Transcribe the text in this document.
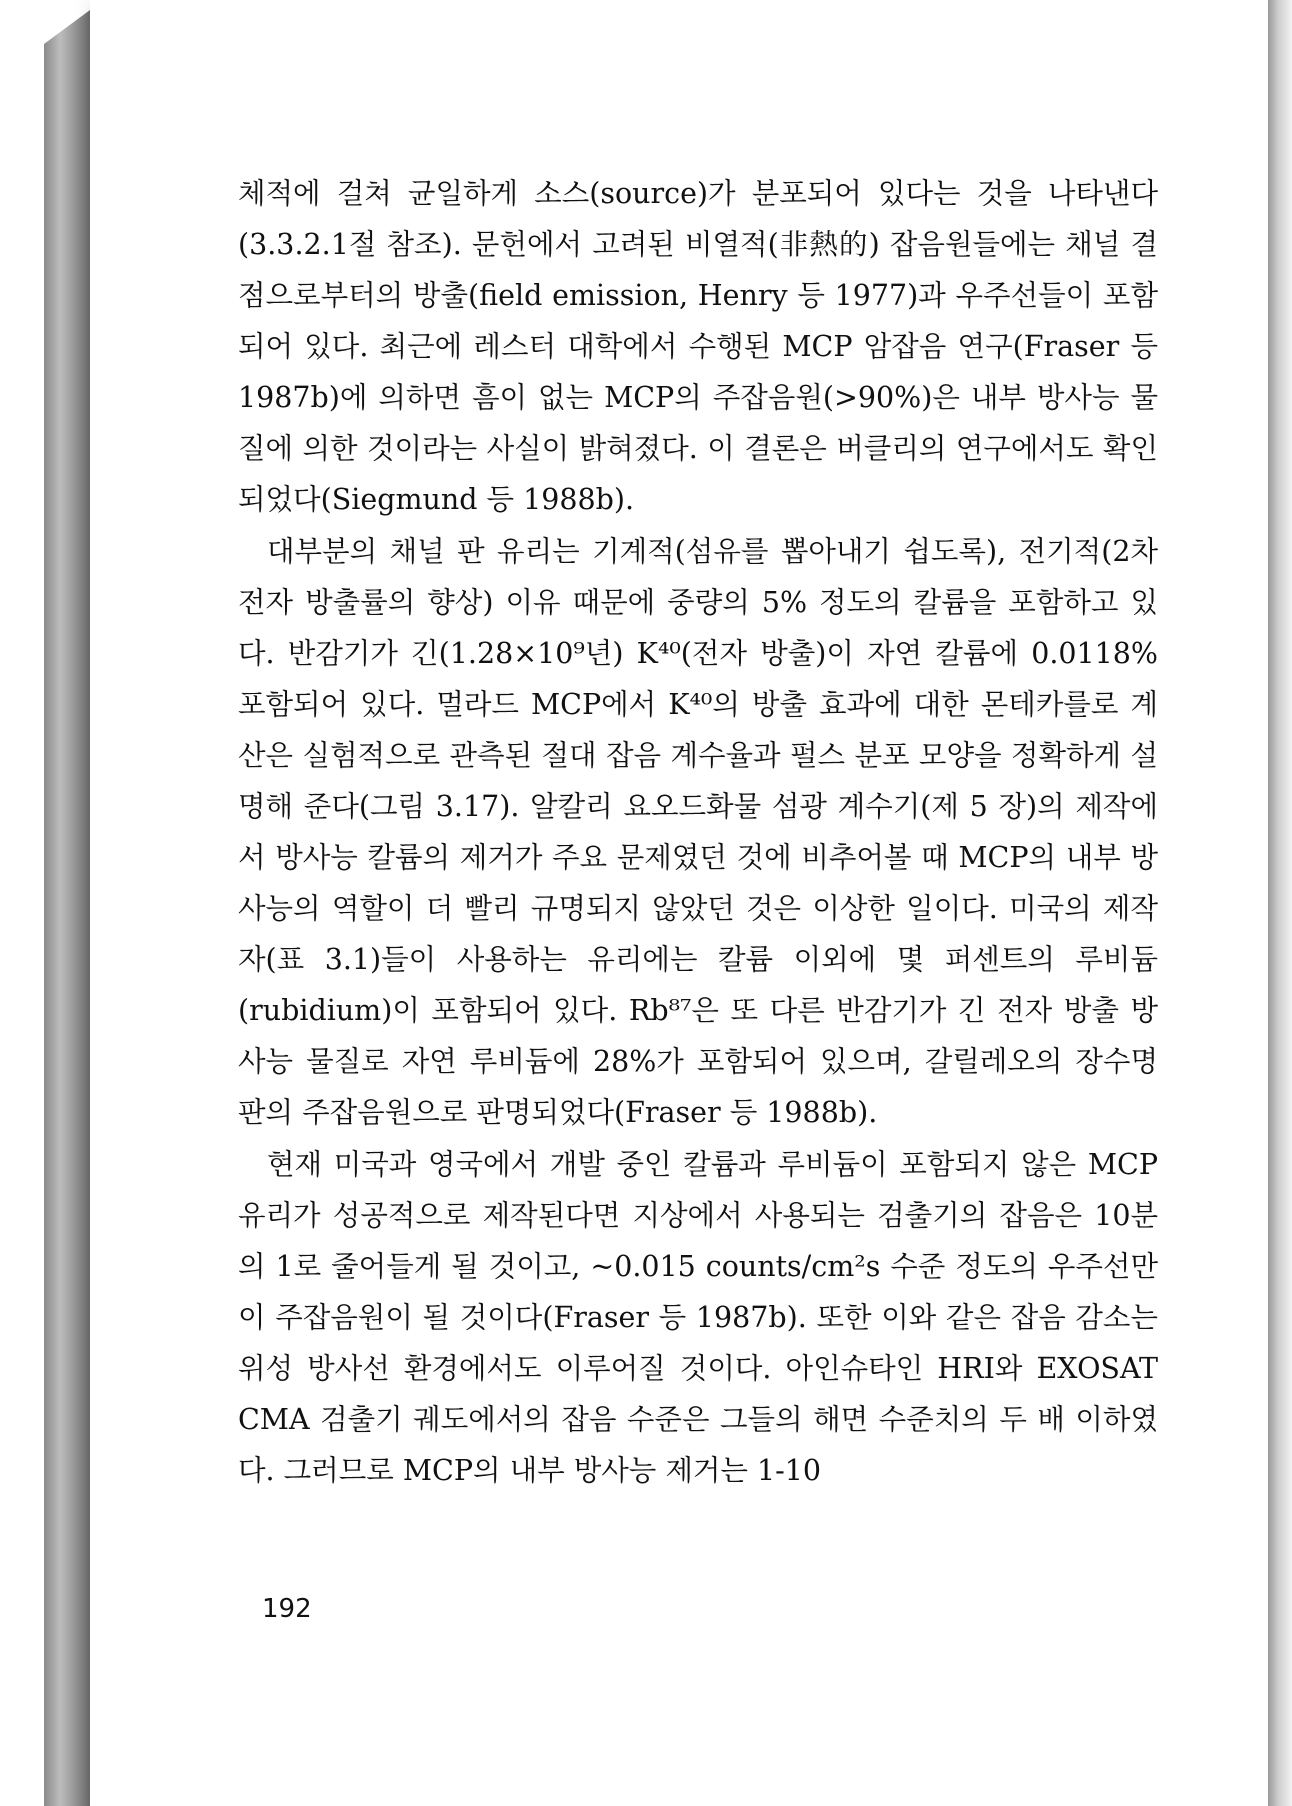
체적에 걸쳐 균일하게 소스(source)가 분포되어 있다는 것을 나타낸다(3.3.2.1절 참조). 문헌에서 고려된 비열적(非熱的) 잡음원들에는 채널 결점으로부터의 방출(field emission, Henry 등 1977)과 우주선들이 포함되어 있다. 최근에 레스터 대학에서 수행된 MCP 암잡음 연구(Fraser 등 1987b)에 의하면 흠이 없는 MCP의 주잡음원(>90%)은 내부 방사능 물질에 의한 것이라는 사실이 밝혀졌다. 이 결론은 버클리의 연구에서도 확인되었다(Siegmund 등 1988b).

대부분의 채널 판 유리는 기계적(섬유를 뽑아내기 쉽도록), 전기적(2차 전자 방출률의 향상) 이유 때문에 중량의 5% 정도의 칼륨을 포함하고 있다. 반감기가 긴(1.28×10⁹년) K⁴⁰(전자 방출)이 자연 칼륨에 0.0118% 포함되어 있다. 멀라드 MCP에서 K⁴⁰의 방출 효과에 대한 몬테카를로 계산은 실험적으로 관측된 절대 잡음 계수율과 펄스 분포 모양을 정확하게 설명해 준다(그림 3.17). 알칼리 요오드화물 섬광 계수기(제 5 장)의 제작에서 방사능 칼륨의 제거가 주요 문제였던 것에 비추어볼 때 MCP의 내부 방사능의 역할이 더 빨리 규명되지 않았던 것은 이상한 일이다. 미국의 제작자(표 3.1)들이 사용하는 유리에는 칼륨 이외에 몇 퍼센트의 루비듐(rubidium)이 포함되어 있다. Rb⁸⁷은 또 다른 반감기가 긴 전자 방출 방사능 물질로 자연 루비듐에 28%가 포함되어 있으며, 갈릴레오의 장수명 판의 주잡음원으로 판명되었다(Fraser 등 1988b).

현재 미국과 영국에서 개발 중인 칼륨과 루비듐이 포함되지 않은 MCP 유리가 성공적으로 제작된다면 지상에서 사용되는 검출기의 잡음은 10분의 1로 줄어들게 될 것이고, ~0.015 counts/cm²s 수준 정도의 우주선만이 주잡음원이 될 것이다(Fraser 등 1987b). 또한 이와 같은 잡음 감소는 위성 방사선 환경에서도 이루어질 것이다. 아인슈타인 HRI와 EXOSAT CMA 검출기 궤도에서의 잡음 수준은 그들의 해면 수준치의 두 배 이하였다. 그러므로 MCP의 내부 방사능 제거는 1-10

192
